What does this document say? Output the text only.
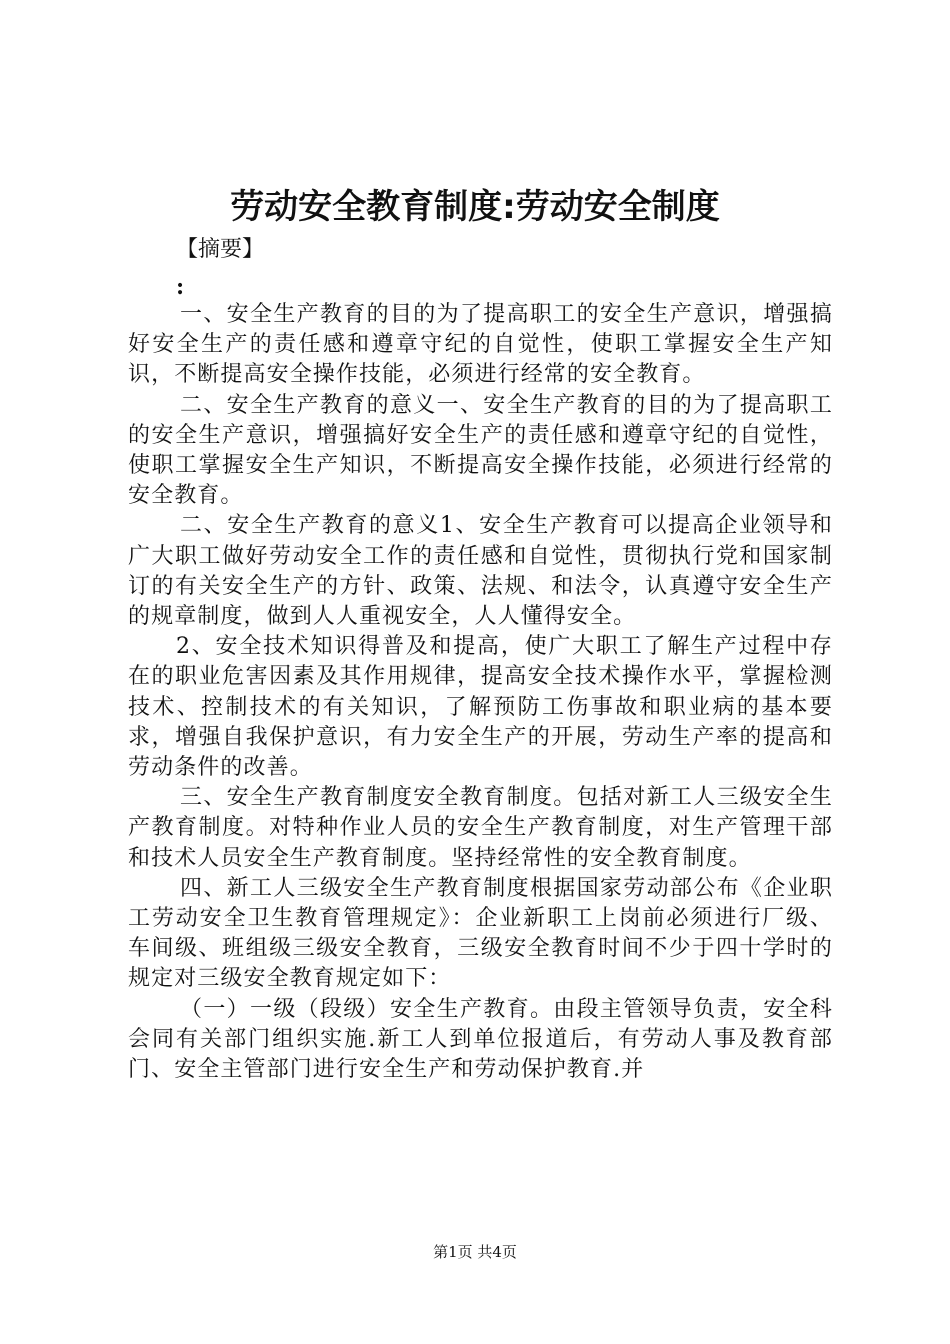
劳动安全教育制度:劳动安全制度
【摘要】
:

一、安全生产教育的目的为了提高职工的安全生产意识，增强搞好安全生产的责任感和遵章守纪的自觉性，使职工掌握安全生产知识，不断提高安全操作技能，必须进行经常的安全教育。

二、安全生产教育的意义一、安全生产教育的目的为了提高职工的安全生产意识，增强搞好安全生产的责任感和遵章守纪的自觉性，使职工掌握安全生产知识，不断提高安全操作技能，必须进行经常的安全教育。

二、安全生产教育的意义1、安全生产教育可以提高企业领导和广大职工做好劳动安全工作的责任感和自觉性，贯彻执行党和国家制订的有关安全生产的方针、政策、法规、和法令，认真遵守安全生产的规章制度，做到人人重视安全，人人懂得安全。

2、安全技术知识得普及和提高，使广大职工了解生产过程中存在的职业危害因素及其作用规律，提高安全技术操作水平，掌握检测技术、控制技术的有关知识，了解预防工伤事故和职业病的基本要求，增强自我保护意识，有力安全生产的开展，劳动生产率的提高和劳动条件的改善。

三、安全生产教育制度安全教育制度。包括对新工人三级安全生产教育制度。对特种作业人员的安全生产教育制度，对生产管理干部和技术人员安全生产教育制度。坚持经常性的安全教育制度。

四、新工人三级安全生产教育制度根据国家劳动部公布《企业职工劳动安全卫生教育管理规定》：企业新职工上岗前必须进行厂级、车间级、班组级三级安全教育，三级安全教育时间不少于四十学时的规定对三级安全教育规定如下：

（一）一级（段级）安全生产教育。由段主管领导负责，安全科会同有关部门组织实施.新工人到单位报道后，有劳动人事及教育部门、安全主管部门进行安全生产和劳动保护教育.并

第1页 共4页
